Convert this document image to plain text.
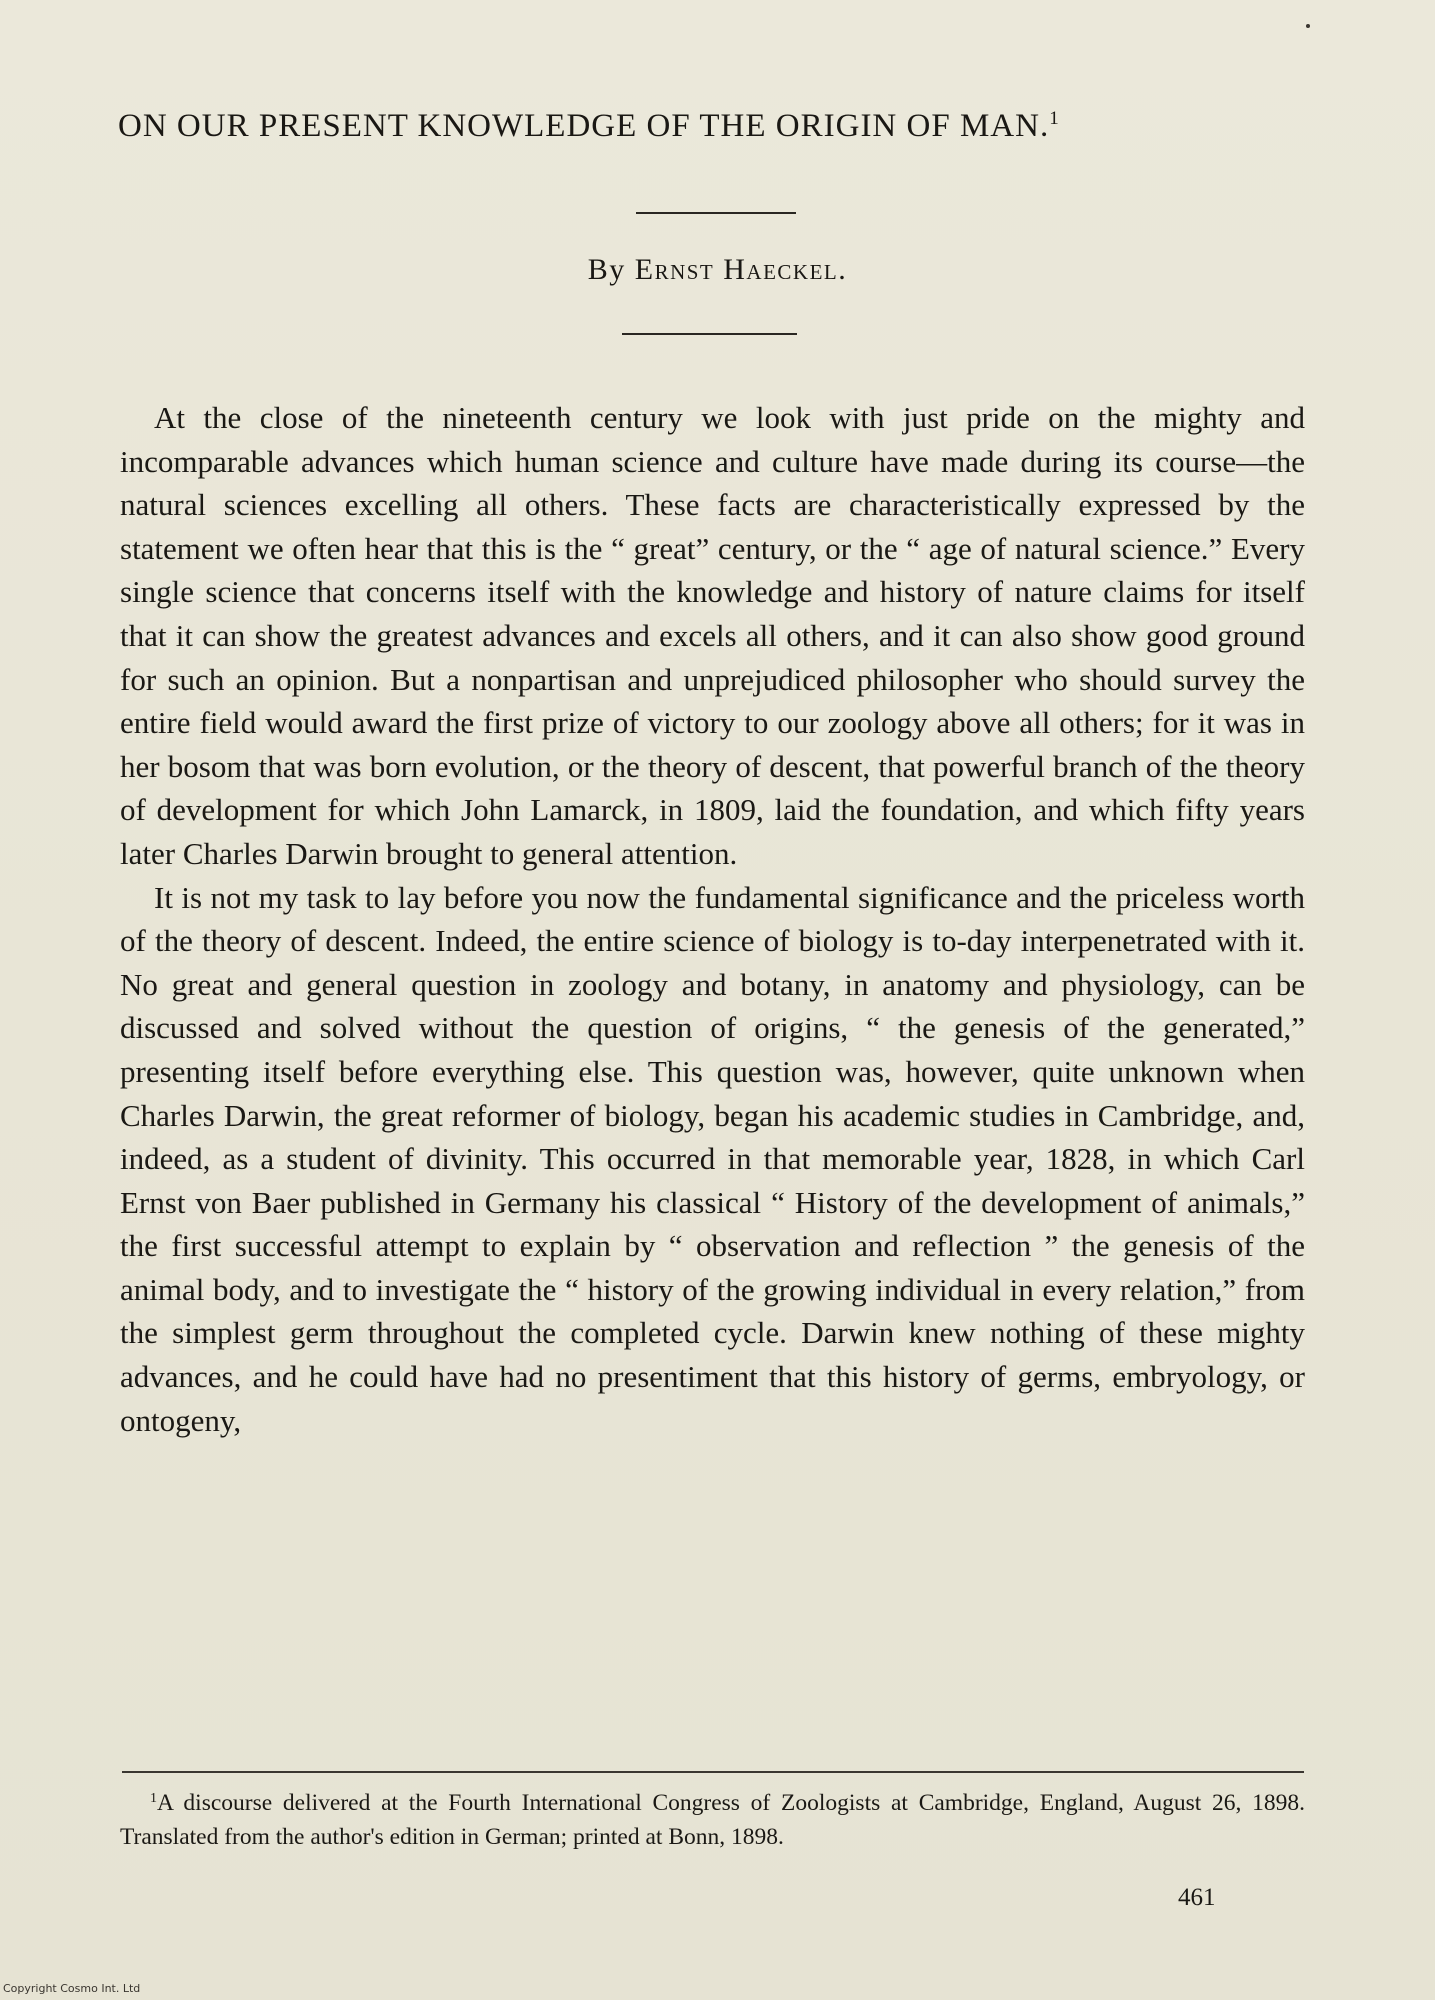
ON OUR PRESENT KNOWLEDGE OF THE ORIGIN OF MAN.$^1$
By Ernst Haeckel.

At the close of the nineteenth century we look with just pride on the mighty and incomparable advances which human science and culture have made during its course—the natural sciences excelling all others. These facts are characteristically expressed by the statement we often hear that this is the “ great” century, or the “ age of natural science.” Every single science that concerns itself with the knowledge and history of nature claims for itself that it can show the greatest advances and excels all others, and it can also show good ground for such an opinion. But a nonpartisan and unprejudiced philosopher who should survey the entire field would award the first prize of victory to our zoology above all others; for it was in her bosom that was born evolution, or the theory of descent, that powerful branch of the theory of development for which John Lamarck, in 1809, laid the foundation, and which fifty years later Charles Darwin brought to general attention.

It is not my task to lay before you now the fundamental significance and the priceless worth of the theory of descent. Indeed, the entire science of biology is to-day interpenetrated with it. No great and general question in zoology and botany, in anatomy and physiology, can be discussed and solved without the question of origins, “ the genesis of the generated,” presenting itself before everything else. This question was, however, quite unknown when Charles Darwin, the great reformer of biology, began his academic studies in Cambridge, and, indeed, as a student of divinity. This occurred in that memorable year, 1828, in which Carl Ernst von Baer published in Germany his classical “ History of the development of animals,” the first successful attempt to explain by “ observation and reflection ” the genesis of the animal body, and to investigate the “ history of the growing individual in every relation,” from the simplest germ throughout the completed cycle. Darwin knew nothing of these mighty advances, and he could have had no presentiment that this history of germs, embryology, or ontogeny,

$^1$A discourse delivered at the Fourth International Congress of Zoologists at Cambridge, England, August 26, 1898. Translated from the author's edition in German; printed at Bonn, 1898.

461
Copyright Cosmo Int. Ltd
